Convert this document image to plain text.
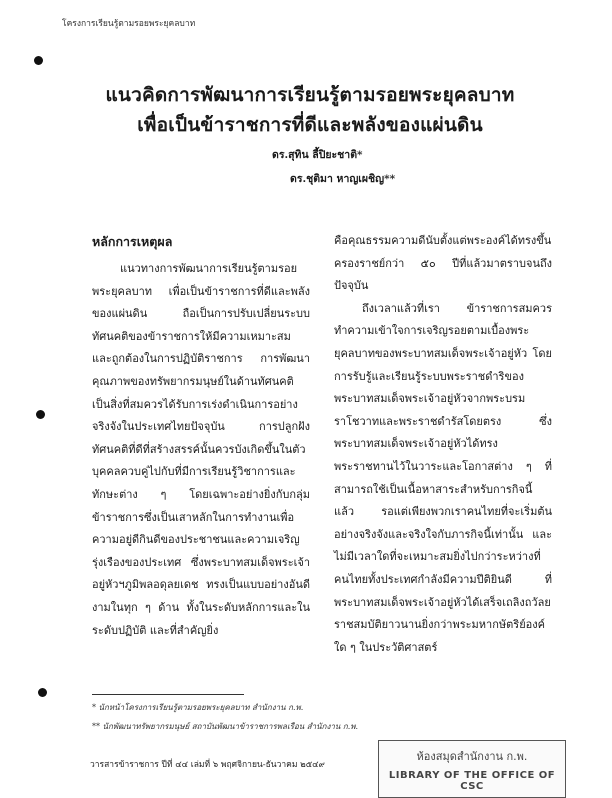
โครงการเรียนรู้ตามรอยพระยุคลบาท
แนวคิดการพัฒนาการเรียนรู้ตามรอยพระยุคลบาท
เพื่อเป็นข้าราชการที่ดีและพลังของแผ่นดิน
ดร.สุทิน ลี้ปิยะชาติ*
ดร.ชุติมา หาญเผชิญ**
หลักการเหตุผล

แนวทางการพัฒนาการเรียนรู้ตามรอยพระยุคลบาท เพื่อเป็นข้าราชการที่ดีและพลังของแผ่นดิน ถือเป็นการปรับเปลี่ยนระบบทัศนคติของข้าราชการให้มีความเหมาะสมและถูกต้องในการปฏิบัติราชการ การพัฒนาคุณภาพของทรัพยากรมนุษย์ในด้านทัศนคติเป็นสิ่งที่สมควรได้รับการเร่งดำเนินการอย่างจริงจังในประเทศไทยปัจจุบัน การปลูกฝังทัศนคติที่ดีที่สร้างสรรค์นั้นควรบังเกิดขึ้นในตัวบุคคลควบคู่ไปกับที่มีการเรียนรู้วิชาการและทักษะต่าง ๆ โดยเฉพาะอย่างยิ่งกับกลุ่มข้าราชการซึ่งเป็นเสาหลักในการทำงานเพื่อความอยู่ดีกินดีของประชาชนและความเจริญรุ่งเรืองของประเทศ ซึ่งพระบาทสมเด็จพระเจ้าอยู่หัวฯภูมิพลอดุลยเดช ทรงเป็นแบบอย่างอันดีงามในทุก ๆ ด้าน ทั้งในระดับหลักการและในระดับปฏิบัติ และที่สำคัญยิ่ง

คือคุณธรรมความดีนับตั้งแต่พระองค์ได้ทรงขึ้นครองราชย์กว่า ๕๐ ปีที่แล้วมาตราบจนถึงปัจจุบัน

ถึงเวลาแล้วที่เรา ข้าราชการสมควรทำความเข้าใจการเจริญรอยตามเบื้องพระยุคลบาทของพระบาทสมเด็จพระเจ้าอยู่หัว โดยการรับรู้และเรียนรู้ระบบพระราชดำริของพระบาทสมเด็จพระเจ้าอยู่หัวจากพระบรมราโชวาทและพระราชดำรัสโดยตรง ซึ่งพระบาทสมเด็จพระเจ้าอยู่หัวได้ทรงพระราชทานไว้ในวาระและโอกาสต่าง ๆ ที่สามารถใช้เป็นเนื้อหาสาระสำหรับการกิจนี้แล้ว รอแต่เพียงพวกเราคนไทยที่จะเริ่มต้นอย่างจริงจังและจริงใจกับภารกิจนี้เท่านั้น และไม่มีเวลาใดที่จะเหมาะสมยิ่งไปกว่าระหว่างที่คนไทยทั้งประเทศกำลังมีความปีติยินดี ที่พระบาทสมเด็จพระเจ้าอยู่หัวได้เสร็จเถลิงถวัลยราชสมบัติยาวนานยิ่งกว่าพระมหากษัตริย์องค์ใด ๆ ในประวัติศาสตร์

* นักหน้าโครงการเรียนรู้ตามรอยพระยุคลบาท สำนักงาน ก.พ.
** นักพัฒนาทรัพยากรมนุษย์ สถาบันพัฒนาข้าราชการพลเรือน สำนักงาน ก.พ.
วารสารข้าราชการ ปีที่ ๔๔ เล่มที่ ๖ พฤศจิกายน-ธันวาคม ๒๕๔๙
ห้องสมุดสำนักงาน ก.พ.
LIBRARY OF THE OFFICE OF CSC
